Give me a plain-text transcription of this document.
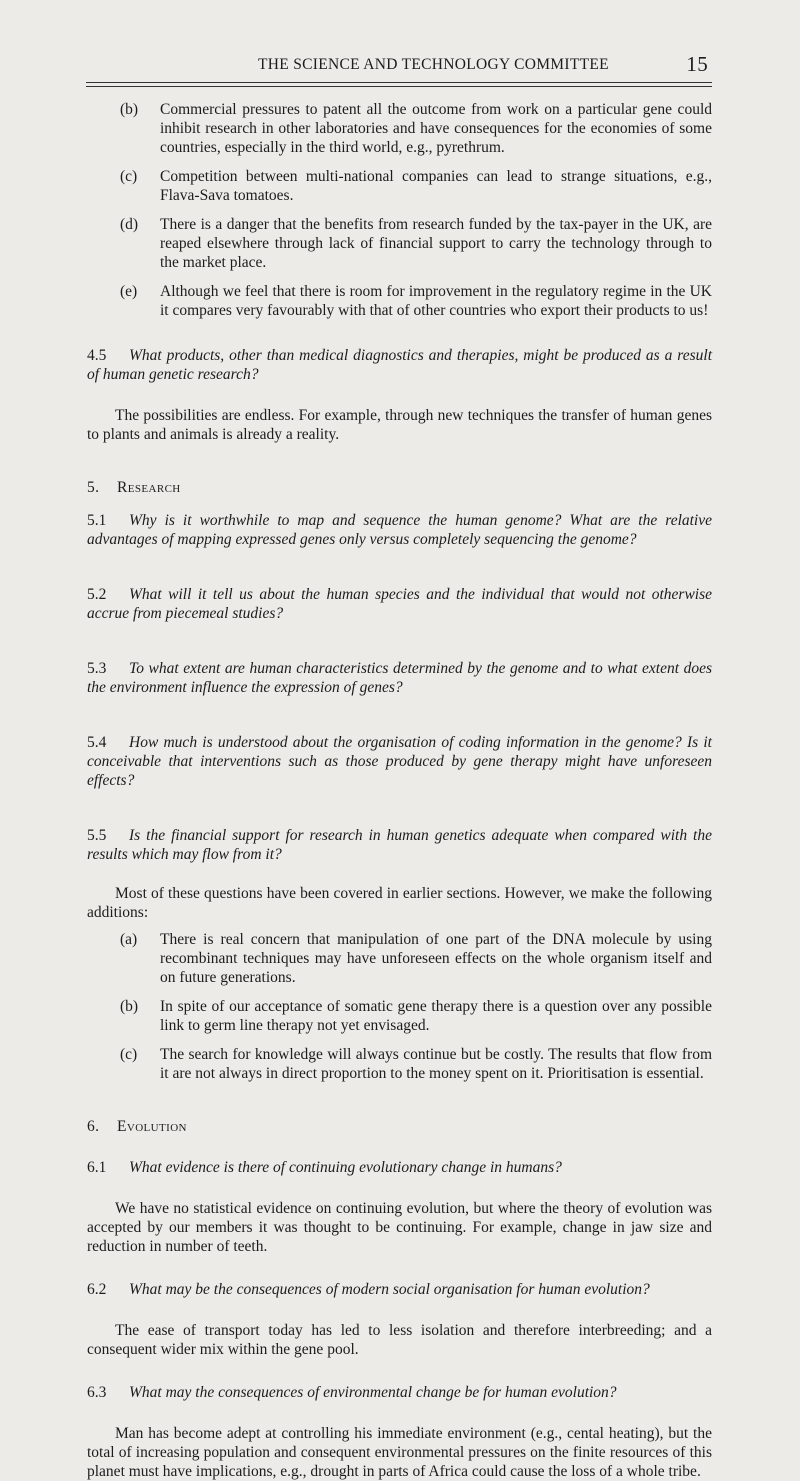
THE SCIENCE AND TECHNOLOGY COMMITTEE	15
(b)	Commercial pressures to patent all the outcome from work on a particular gene could inhibit research in other laboratories and have consequences for the economies of some countries, especially in the third world, e.g., pyrethrum.
(c)	Competition between multi-national companies can lead to strange situations, e.g., Flava-Sava tomatoes.
(d)	There is a danger that the benefits from research funded by the tax-payer in the UK, are reaped elsewhere through lack of financial support to carry the technology through to the market place.
(e)	Although we feel that there is room for improvement in the regulatory regime in the UK it compares very favourably with that of other countries who export their products to us!

4.5 What products, other than medical diagnostics and therapies, might be produced as a result of human genetic research?

The possibilities are endless. For example, through new techniques the transfer of human genes to plants and animals is already a reality.

5. Research

5.1 Why is it worthwhile to map and sequence the human genome? What are the relative advantages of mapping expressed genes only versus completely sequencing the genome?

5.2 What will it tell us about the human species and the individual that would not otherwise accrue from piecemeal studies?

5.3 To what extent are human characteristics determined by the genome and to what extent does the environment influence the expression of genes?

5.4 How much is understood about the organisation of coding information in the genome? Is it conceivable that interventions such as those produced by gene therapy might have unforeseen effects?

5.5 Is the financial support for research in human genetics adequate when compared with the results which may flow from it?

Most of these questions have been covered in earlier sections. However, we make the following additions:

(a)	There is real concern that manipulation of one part of the DNA molecule by using recombinant techniques may have unforeseen effects on the whole organism itself and on future generations.
(b)	In spite of our acceptance of somatic gene therapy there is a question over any possible link to germ line therapy not yet envisaged.
(c)	The search for knowledge will always continue but be costly. The results that flow from it are not always in direct proportion to the money spent on it. Prioritisation is essential.
6. Evolution

6.1 What evidence is there of continuing evolutionary change in humans?

We have no statistical evidence on continuing evolution, but where the theory of evolution was accepted by our members it was thought to be continuing. For example, change in jaw size and reduction in number of teeth.

6.2 What may be the consequences of modern social organisation for human evolution?

The ease of transport today has led to less isolation and therefore interbreeding; and a consequent wider mix within the gene pool.

6.3 What may the consequences of environmental change be for human evolution?

Man has become adept at controlling his immediate environment (e.g., cental heating), but the total of increasing population and consequent environmental pressures on the finite resources of this planet must have implications, e.g., drought in parts of Africa could cause the loss of a whole tribe.
